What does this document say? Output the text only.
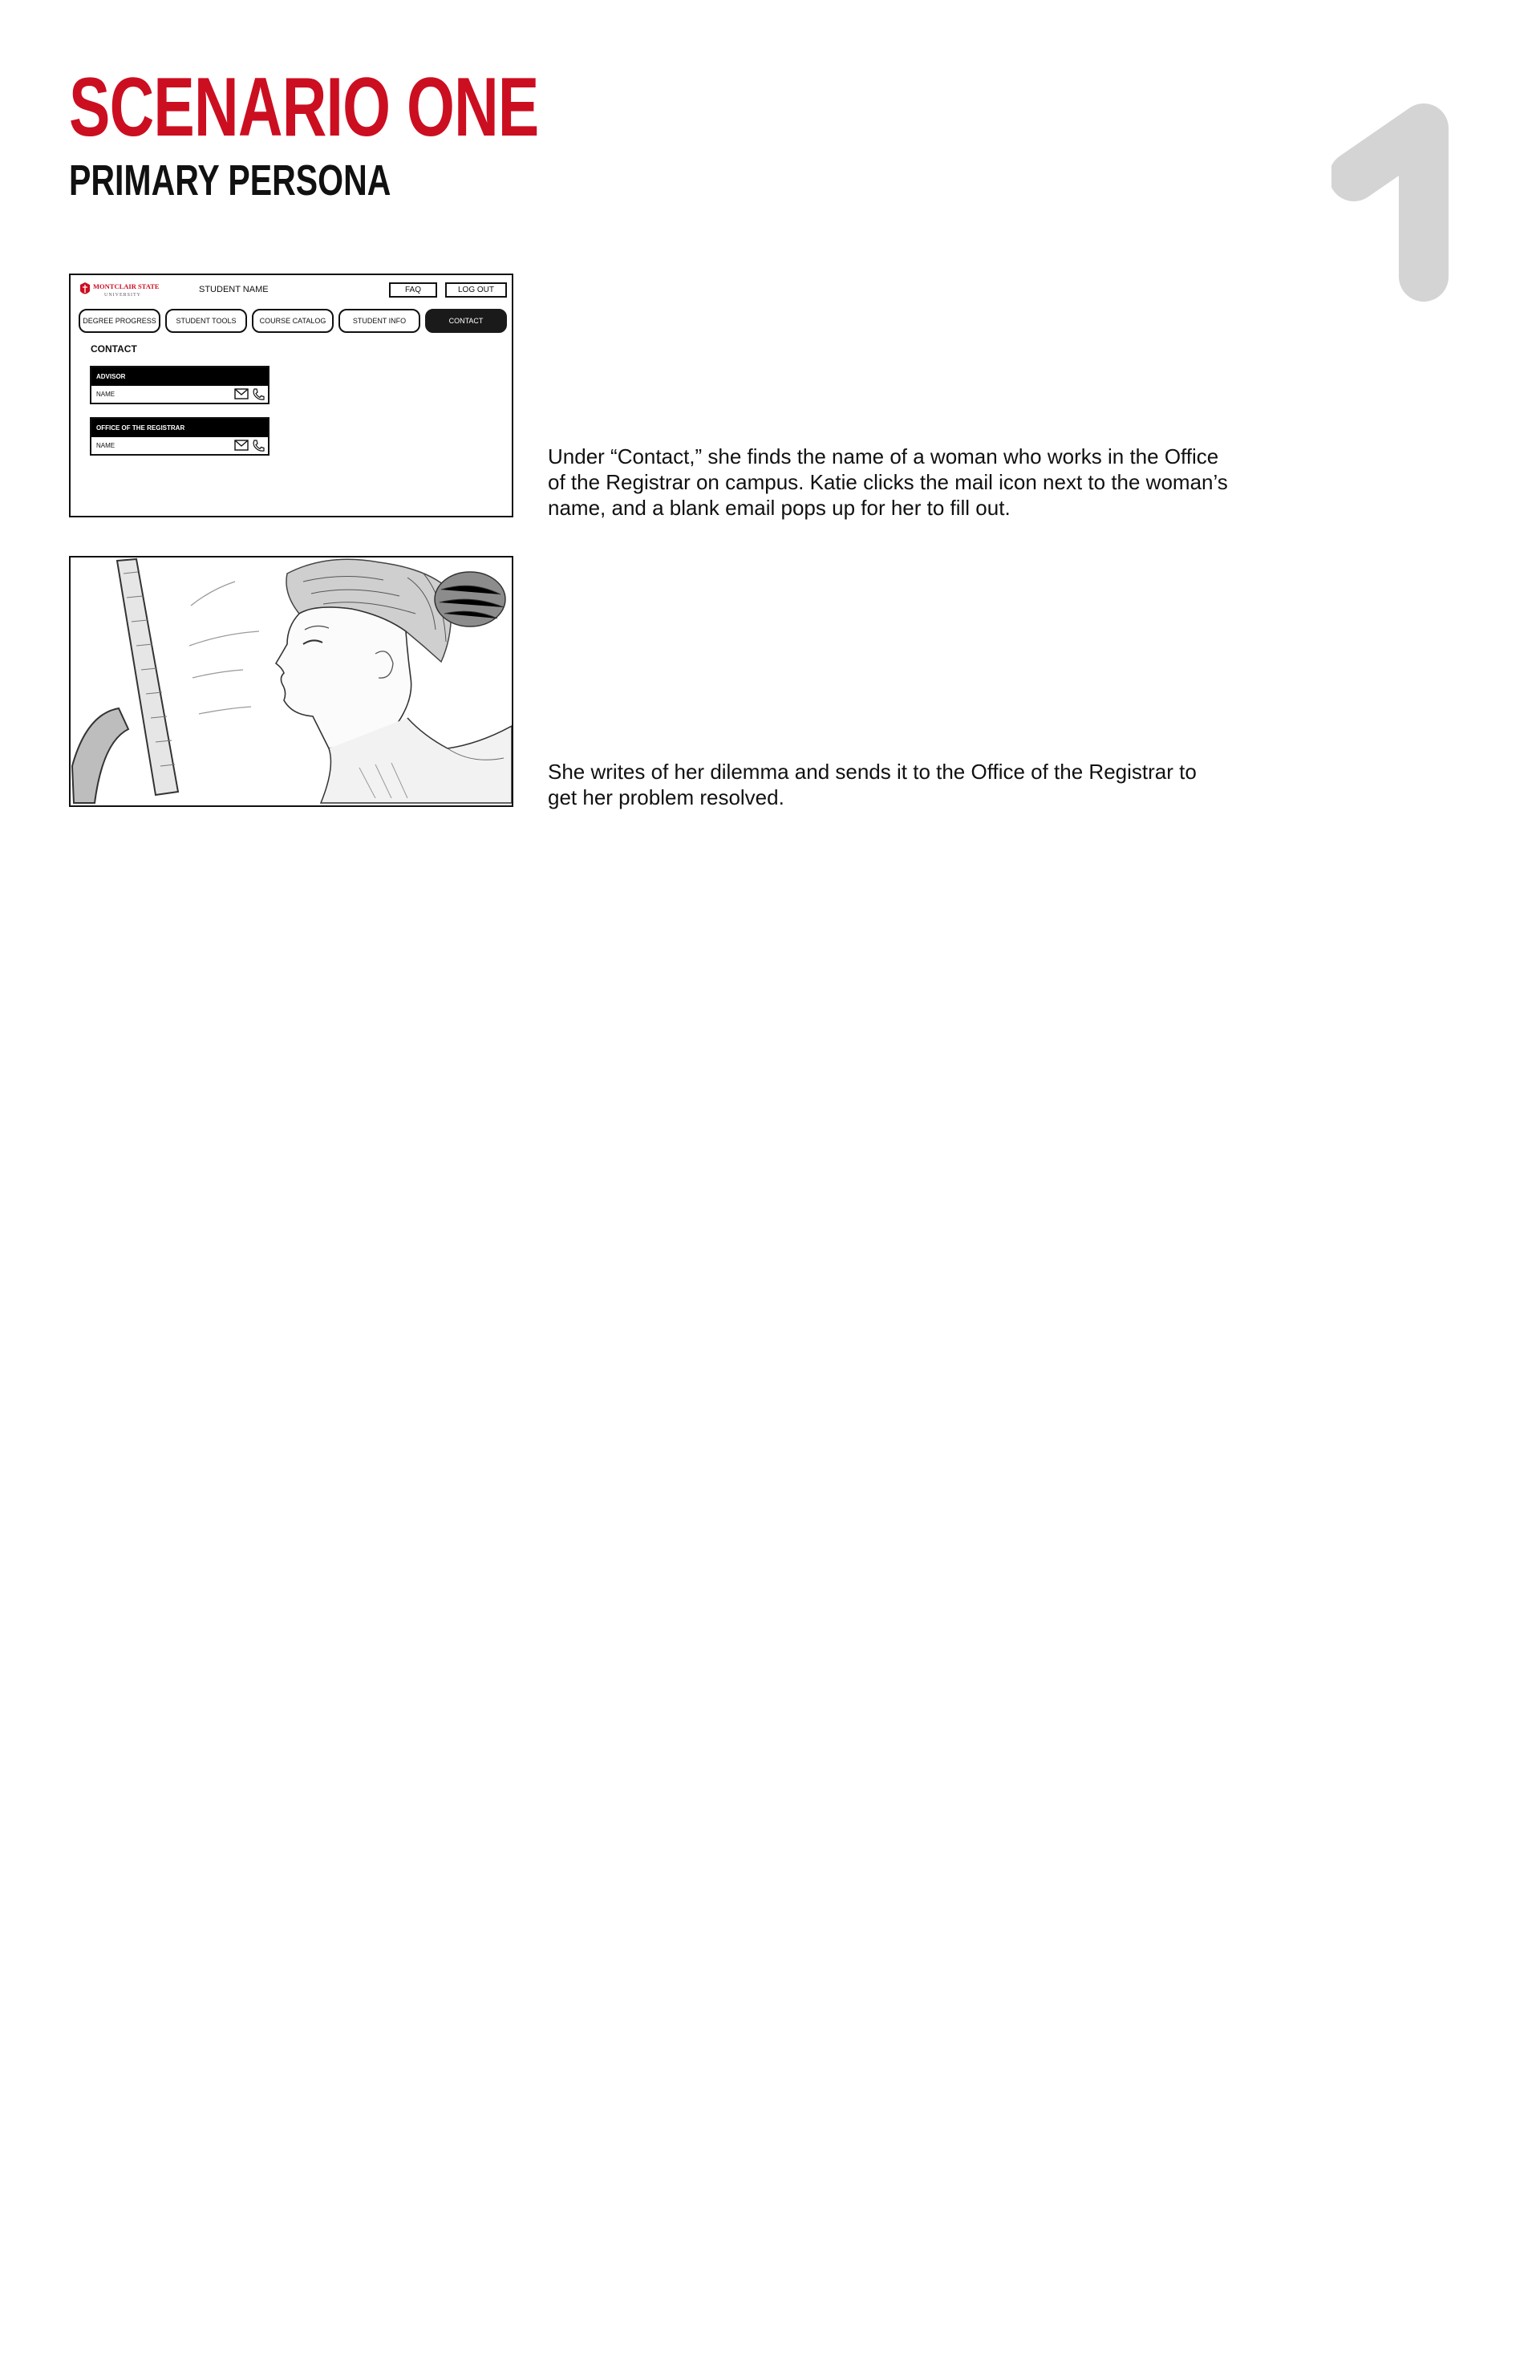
SCENARIO ONE
PRIMARY PERSONA
MONTCLAIR STATE
UNIVERSITY
STUDENT NAME	FAQ	LOG OUT
DEGREE PROGRESS	STUDENT TOOLS	COURSE CATALOG	STUDENT INFO	CONTACT
CONTACT
ADVISOR
NAME
OFFICE OF THE REGISTRAR
NAME	Under “Contact,” she finds the name of a woman who works in the Office of the Registrar on campus. Katie clicks the mail icon next to the woman’s name, and a blank email pops up for her to fill out.

She writes of her dilemma and sends it to the Office of the Registrar to get her problem resolved.
